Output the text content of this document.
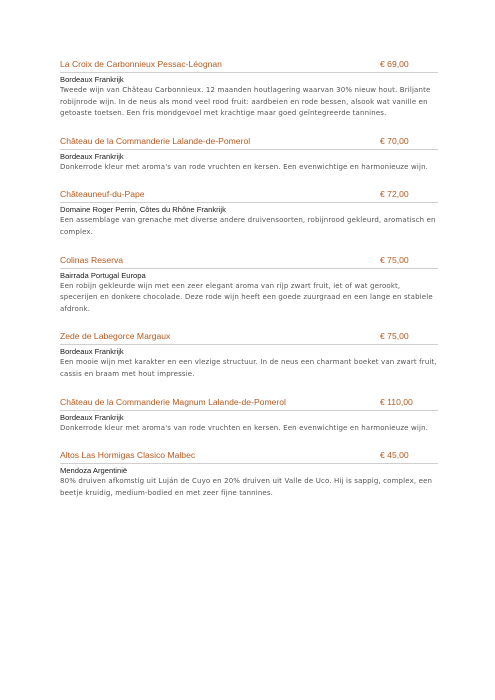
La Croix de Carbonnieux Pessac-Léognan	€ 69,00
Bordeaux Frankrijk

Tweede wijn van Château Carbonnieux. 12 maanden houtlagering waarvan 30% nieuw hout. Briljante robijnrode wijn. In de neus als mond veel rood fruit: aardbeien en rode bessen, alsook wat vanille en getoaste toetsen. Een fris mondgevoel met krachtige maar goed geïntegreerde tannines.

Château de la Commanderie Lalande-de-Pomerol	€ 70,00
Bordeaux Frankrijk

Donkerrode kleur met aroma's van rode vruchten en kersen. Een evenwichtige en harmonieuze wijn.

Châteauneuf-du-Pape	€ 72,00
Domaine Roger Perrin, Côtes du Rhône Frankrijk

Een assemblage van grenache met diverse andere druivensoorten, robijnrood gekleurd, aromatisch en complex.

Colinas Reserva	€ 75,00
Bairrada Portugal Europa

Een robijn gekleurde wijn met een zeer elegant aroma van rijp zwart fruit, iet of wat gerookt, specerijen en donkere chocolade. Deze rode wijn heeft een goede zuurgraad en een lange en stabiele afdronk.

Zede de Labegorce Margaux	€ 75,00
Bordeaux Frankrijk

Een mooie wijn met karakter en een vlezige structuur. In de neus een charmant boeket van zwart fruit, cassis en braam met hout impressie.

Château de la Commanderie Magnum Lalande-de-Pomerol	€ 110,00
Bordeaux Frankrijk

Donkerrode kleur met aroma's van rode vruchten en kersen. Een evenwichtige en harmonieuze wijn.

Altos Las Hormigas Clasico Malbec	€ 45,00
Mendoza Argentinië

80% druiven afkomstig uit Luján de Cuyo en 20% druiven uit Valle de Uco. Hij is sappig, complex, een beetje kruidig, medium-bodied en met zeer fijne tannines.
